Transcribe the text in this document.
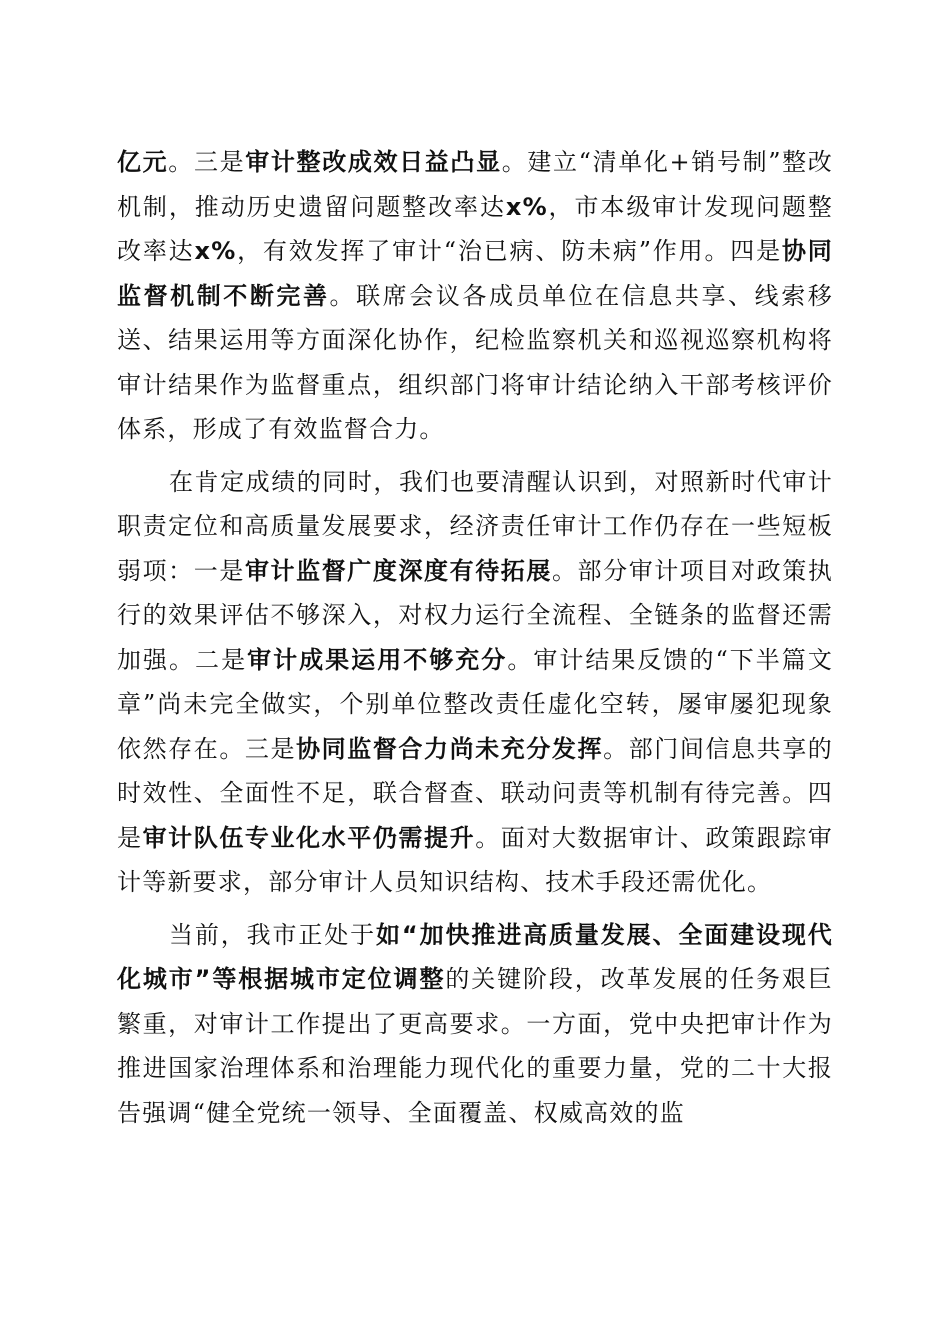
亿元。三是审计整改成效日益凸显。建立“清单化+销号制”整改机制，推动历史遗留问题整改率达x%，市本级审计发现问题整改率达x%，有效发挥了审计“治已病、防未病”作用。四是协同监督机制不断完善。联席会议各成员单位在信息共享、线索移送、结果运用等方面深化协作，纪检监察机关和巡视巡察机构将审计结果作为监督重点，组织部门将审计结论纳入干部考核评价体系，形成了有效监督合力。

在肯定成绩的同时，我们也要清醒认识到，对照新时代审计职责定位和高质量发展要求，经济责任审计工作仍存在一些短板弱项：一是审计监督广度深度有待拓展。部分审计项目对政策执行的效果评估不够深入，对权力运行全流程、全链条的监督还需加强。二是审计成果运用不够充分。审计结果反馈的“下半篇文章”尚未完全做实，个别单位整改责任虚化空转，屡审屡犯现象依然存在。三是协同监督合力尚未充分发挥。部门间信息共享的时效性、全面性不足，联合督查、联动问责等机制有待完善。四是审计队伍专业化水平仍需提升。面对大数据审计、政策跟踪审计等新要求，部分审计人员知识结构、技术手段还需优化。

当前，我市正处于如“加快推进高质量发展、全面建设现代化城市”等根据城市定位调整的关键阶段，改革发展的任务艰巨繁重，对审计工作提出了更高要求。一方面，党中央把审计作为推进国家治理体系和治理能力现代化的重要力量，党的二十大报告强调“健全党统一领导、全面覆盖、权威高效的监
